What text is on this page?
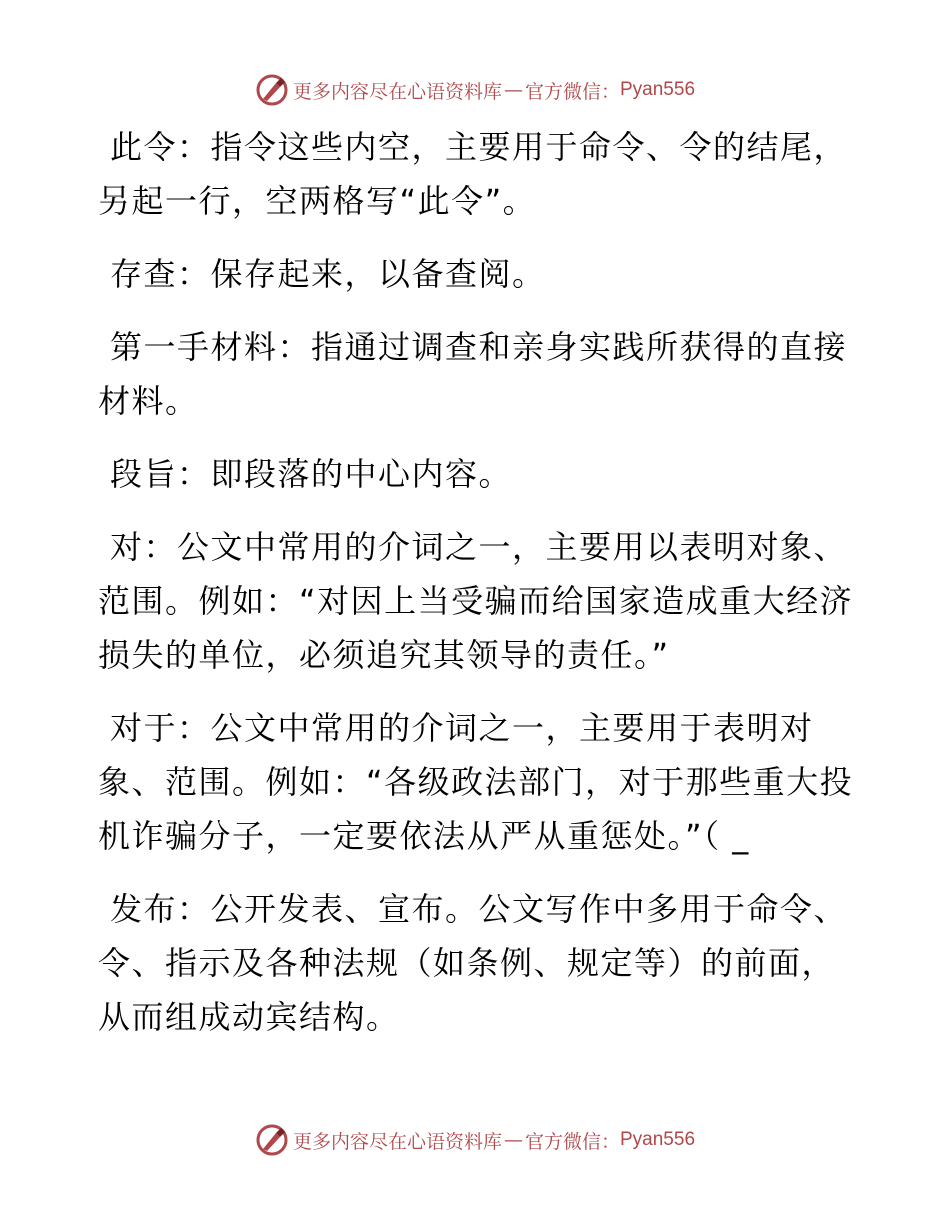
更多内容尽在心语资料库 — 官方微信： Pyan556

此令：指令这些内空，主要用于命令、令的结尾，另起一行，空两格写“此令”。

存查：保存起来，以备查阅。

第一手材料：指通过调查和亲身实践所获得的直接材料。

段旨：即段落的中心内容。

对：公文中常用的介词之一，主要用以表明对象、范围。例如：“对因上当受骗而给国家造成重大经济损失的单位，必须追究其领导的责任。”

对于：公文中常用的介词之一，主要用于表明对象、范围。例如：“各级政法部门，对于那些重大投机诈骗分子，一定要依法从严从重惩处。”（ _

发布：公开发表、宣布。公文写作中多用于命令、令、指示及各种法规（如条例、规定等）的前面，从而组成动宾结构。

更多内容尽在心语资料库 — 官方微信： Pyan556
